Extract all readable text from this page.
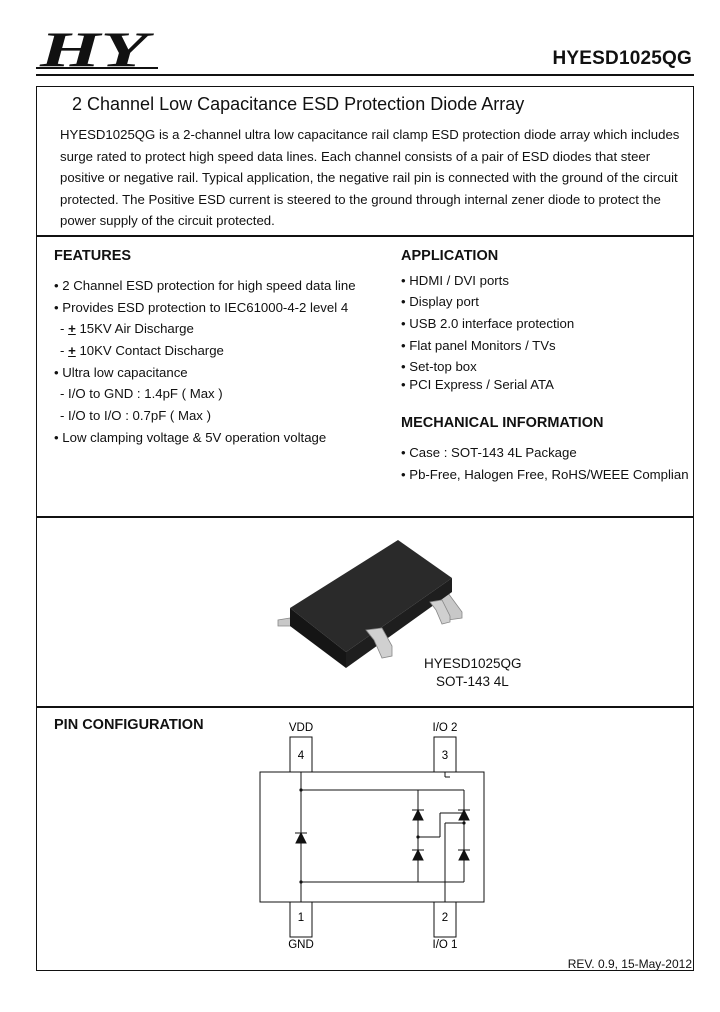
HY	HYESD1025QG
2 Channel Low Capacitance ESD Protection Diode Array
HYESD1025QG is a 2-channel ultra low capacitance rail clamp ESD protection diode array which includes surge rated to protect high speed data lines. Each channel consists of a pair of ESD diodes that steer positive or negative rail. Typical application, the negative rail pin is connected with the ground of the circuit protected. The Positive ESD current is steered to the ground through internal zener diode to protect the power supply of the circuit protected.
FEATURES
• 2 Channel ESD protection for high speed data line
• Provides ESD protection to IEC61000-4-2 level 4
- + 15KV Air Discharge
- + 10KV Contact Discharge
• Ultra low capacitance
- I/O to GND : 1.4pF ( Max )
- I/O to I/O : 0.7pF ( Max )
• Low clamping voltage & 5V operation voltage
APPLICATION
• HDMI / DVI ports
• Display port
• USB 2.0 interface protection
• Flat panel Monitors / TVs
• Set-top box
• PCI Express / Serial ATA
MECHANICAL INFORMATION
• Case : SOT-143 4L Package
• Pb-Free, Halogen Free, RoHS/WEEE Complian
HYESD1025QG
SOT-143 4L
PIN CONFIGURATION	VDD	I/O 2
GND	I/O 1
4	3
1	2
REV. 0.9, 15-May-2012
